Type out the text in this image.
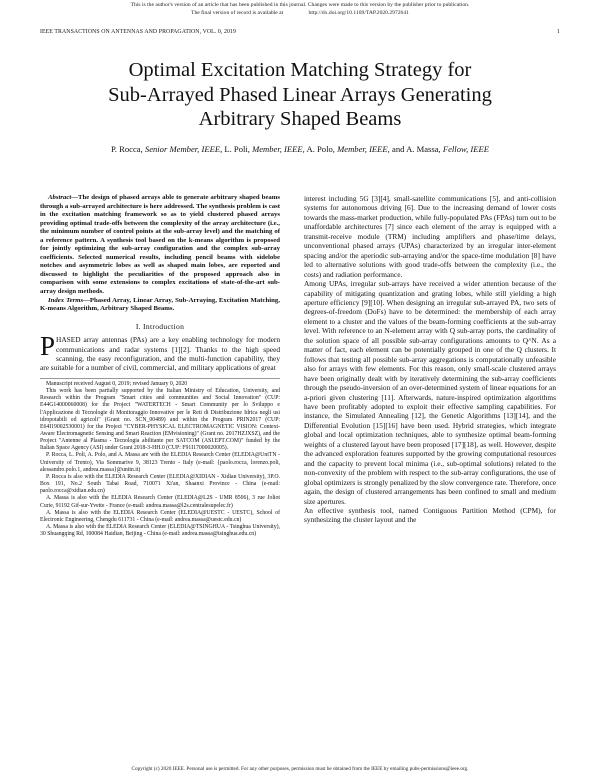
This is the author's version of an article that has been published in this journal. Changes were made to this version by the publisher prior to publication.
The final version of record is available at	http://dx.doi.org/10.1109/TAP.2020.2972641
IEEE TRANSACTIONS ON ANTENNAS AND PROPAGATION, VOL. 0, 2019	1
Optimal Excitation Matching Strategy for
Sub-Arrayed Phased Linear Arrays Generating
Arbitrary Shaped Beams
P. Rocca, Senior Member, IEEE, L. Poli, Member, IEEE, A. Polo, Member, IEEE, and A. Massa, Fellow, IEEE

Abstract—The design of phased arrays able to generate arbitrary shaped beams through a sub-arrayed architecture is here addressed. The synthesis problem is cast in the excitation matching framework so as to yield clustered phased arrays providing optimal trade-offs between the complexity of the array architecture (i.e., the minimum number of control points at the sub-array level) and the matching of a reference pattern. A synthesis tool based on the k-means algorithm is proposed for jointly optimizing the sub-array configuration and the complex sub-array coefficients. Selected numerical results, including pencil beams with sidelobe notches and asymmetric lobes as well as shaped main lobes, are reported and discussed to highlight the peculiarities of the proposed approach also in comparison with some extensions to complex excitations of state-of-the-art sub-array design methods.

Index Terms—Phased Array, Linear Array, Sub-Arraying, Excitation Matching, K-means Algorithm, Arbitrary Shaped Beams.

I. Introduction

PHASED array antennas (PAs) are a key enabling technology for modern communications and radar systems [1][2]. Thanks to the high speed scanning, the easy reconfiguration, and the multi-function capability, they are suitable for a number of civil, commercial, and military applications of great

Manuscript received August 0, 2019; revised January 0, 2020

This work has been partially supported by the Italian Ministry of Education, University, and Research within the Program "Smart cities and communities and Social Innovation" (CUP: E44G14000060008) for the Project "WATERTECH - Smart Community per lo Sviluppo e l'Applicazione di Tecnologie di Monitoraggio Innovative per le Reti di Distribuzione Idrica negli usi idropotabili ed agricoli" (Grant no. SCN_00489) and within the Program PRIN2017 (CUP: E64I19002530001) for the Project "CYBER-PHYSICAL ELECTROMAGNETIC VISION: Context-Aware Electromagnetic Sensing and Smart Reaction (EMvisioning)" (Grant no. 2017HZJXSZ), and the Project "Antenne al Plasma - Tecnologia abilitante per SATCOM (ASI.EPT.COM)" funded by the Italian Space Agency (ASI) under Grant 2018-3-HH.0 (CUP: F91I17000020005).

P. Rocca, L. Poli, A. Polo, and A. Massa are with the ELEDIA Research Center (ELEDIA@UniTN - University of Trento), Via Sommarive 9, 38123 Trento - Italy (e-mail: {paolo.rocca, lorenzo.poli, alessandro.polo.1, andrea.massa}@unitn.it)

P. Rocca is also with the ELEDIA Research Center (ELEDIA@XIDIAN - Xidian University), 3P.O. Box 191, No.2 South Tabai Road, 710071 Xi'an, Shaanxi Province - China (e-mail: paolo.rocca@xidian.edu.cn)

A. Massa is also with the ELEDIA Research Center (ELEDIA@L2S - UMR 8506), 3 rue Joliot Curie, 91192 Gif-sur-Yvette - France (e-mail: andrea.massa@l2s.centralesupelec.fr)

A. Massa is also with the ELEDIA Research Center (ELEDIA@UESTC - UESTC), School of Electronic Engineering, Chengdu 611731 - China (e-mail: andrea.massa@uestc.edu.cn)

A. Massa is also with the ELEDIA Research Center (ELEDIA@TSINGHUA - Tsinghua University), 30 Shuangqing Rd, 100084 Haidian, Beijing - China (e-mail: andrea.massa@tsinghua.edu.cn)

interest including 5G [3][4], small-satellite communications [5], and anti-collision systems for autonomous driving [6]. Due to the increasing demand of lower costs towards the mass-market production, while fully-populated PAs (FPAs) turn out to be unaffordable architectures [7] since each element of the array is equipped with a transmit-receive module (TRM) including amplifiers and phase/time delays, unconventional phased arrays (UPAs) characterized by an irregular inter-element spacing and/or the aperiodic sub-arraying and/or the space-time modulation [8] have led to alternative solutions with good trade-offs between the complexity (i.e., the costs) and radiation performance.

Among UPAs, irregular sub-arrays have received a wider attention because of the capability of mitigating quantization and grating lobes, while still yielding a high aperture efficiency [9][10]. When designing an irregular sub-arrayed PA, two sets of degrees-of-freedom (DoFs) have to be determined: the membership of each array element to a cluster and the values of the beam-forming coefficients at the sub-array level. With reference to an N-element array with Q sub-array ports, the cardinality of the solution space of all possible sub-array configurations amounts to Q^N. As a matter of fact, each element can be potentially grouped in one of the Q clusters. It follows that testing all possible sub-array aggregations is computationally unfeasible also for arrays with few elements. For this reason, only small-scale clustered arrays have been originally dealt with by iteratively determining the sub-array coefficients through the pseudo-inversion of an over-determined system of linear equations for an a-priori given clustering [11]. Afterwards, nature-inspired optimization algorithms have been profitably adopted to exploit their effective sampling capabilities. For instance, the Simulated Annealing [12], the Genetic Algorithms [13][14], and the Differential Evolution [15][16] have been used. Hybrid strategies, which integrate global and local optimization techniques, able to synthesize optimal beam-forming weights of a clustered layout have been proposed [17][18], as well. However, despite the advanced exploration features supported by the growing computational resources and the capacity to prevent local minima (i.e., sub-optimal solutions) related to the non-convexity of the problem with respect to the sub-array configurations, the use of global optimizers is strongly penalized by the slow convergence rate. Therefore, once again, the design of clustered arrangements has been confined to small and medium size apertures.

An effective synthesis tool, named Contiguous Partition Method (CPM), for synthesizing the cluster layout and the

Copyright (c) 2020 IEEE. Personal use is permitted. For any other purposes, permission must be obtained from the IEEE by emailing pubs-permissions@ieee.org.
